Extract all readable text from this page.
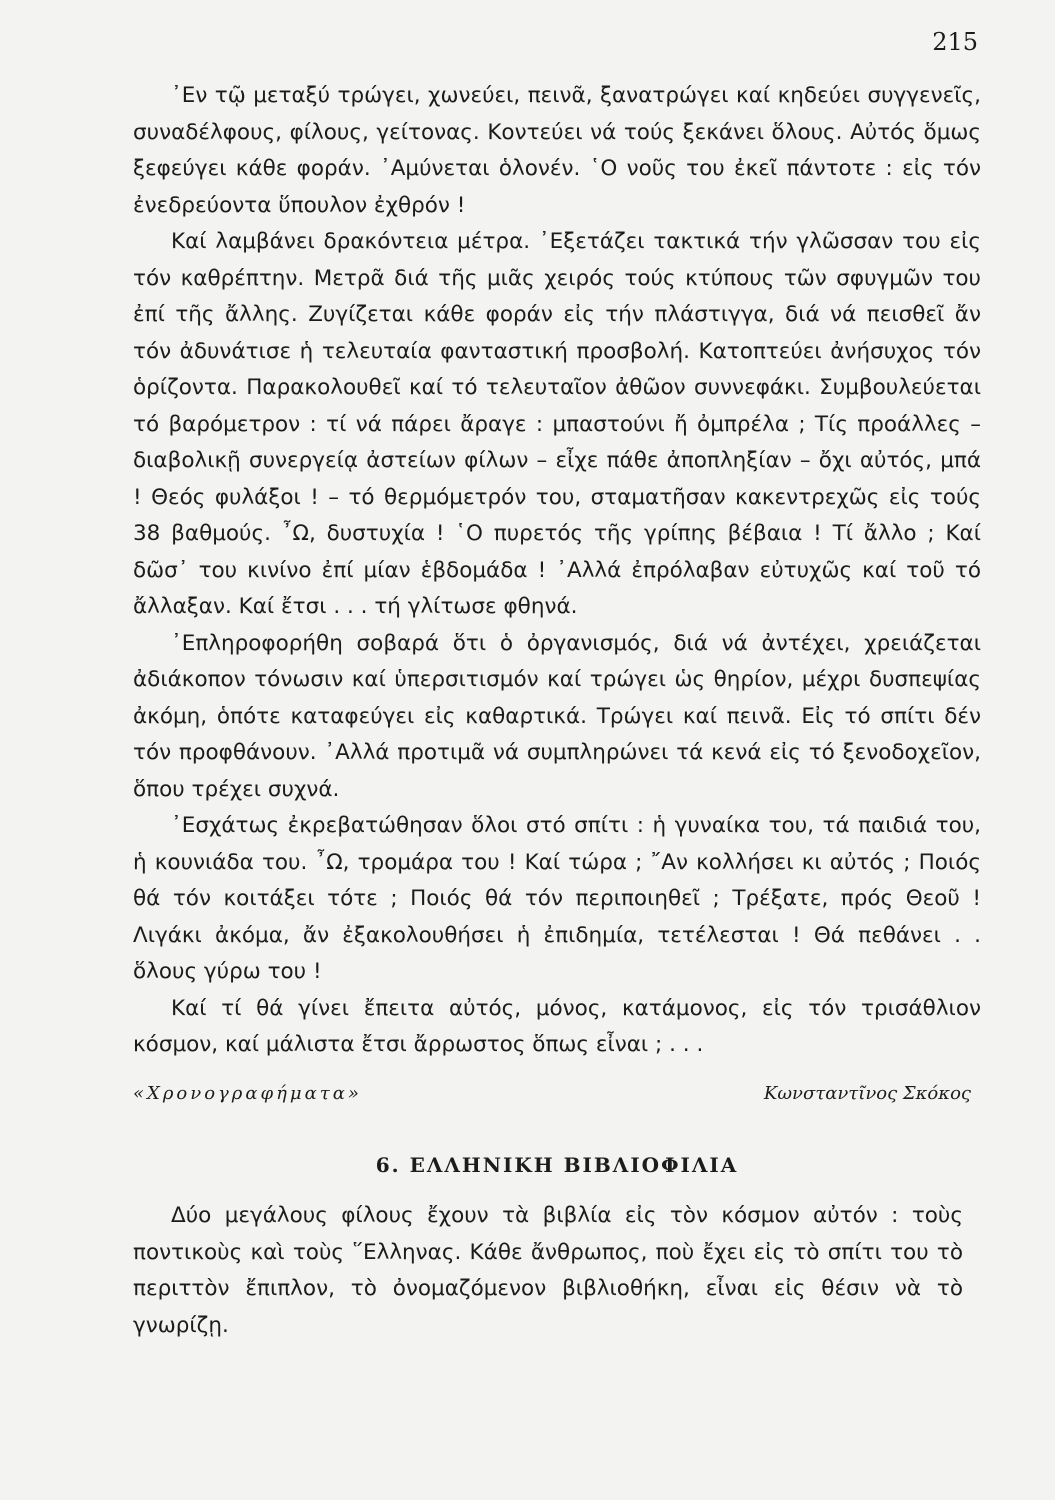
215

᾿Εν τῷ μεταξύ τρώγει, χωνεύει, πεινᾶ, ξανατρώγει καί κηδεύει συγγενεῖς, συναδέλφους, φίλους, γείτονας. Κοντεύει νά τούς ξεκάνει ὅλους. Αὐτός ὅμως ξεφεύγει κάθε φοράν. ᾿Αμύνεται ὁλονέν. ῾Ο νοῦς του ἐκεῖ πάντοτε : εἰς τόν ἐνεδρεύοντα ὕπουλον ἐχθρόν !

Καί λαμβάνει δρακόντεια μέτρα. ᾿Εξετάζει τακτικά τήν γλῶσσαν του εἰς τόν καθρέπτην. Μετρᾶ διά τῆς μιᾶς χειρός τούς κτύπους τῶν σφυγμῶν του ἐπί τῆς ἄλλης. Ζυγίζεται κάθε φοράν εἰς τήν πλάστιγγα, διά νά πεισθεῖ ἄν τόν ἀδυνάτισε ἡ τελευταία φανταστική προσβολή. Κατοπτεύει ἀνήσυχος τόν ὁρίζοντα. Παρακολουθεῖ καί τό τελευταῖον ἀθῶον συννεφάκι. Συμβουλεύεται τό βαρόμετρον : τί νά πάρει ἄραγε : μπαστούνι ἤ ὀμπρέλα ; Τίς προάλλες – διαβολικῇ συνεργείᾳ ἀστείων φίλων – εἶχε πάθε ἀποπληξίαν – ὄχι αὐτός, μπά ! Θεός φυλάξοι ! – τό θερμόμετρόν του, σταματῆσαν κακεντρεχῶς εἰς τούς 38 βαθμούς. ῏Ω, δυστυχία ! ῾Ο πυρετός τῆς γρίπης βέβαια ! Τί ἄλλο ; Καί δῶσ᾿ του κινίνο ἐπί μίαν ἑβδομάδα ! ᾿Αλλά ἐπρόλαβαν εὐτυχῶς καί τοῦ τό ἄλλαξαν. Καί ἔτσι . . . τή γλίτωσε φθηνά.

᾿Επληροφορήθη σοβαρά ὅτι ὁ ὀργανισμός, διά νά ἀντέχει, χρειάζεται ἀδιάκοπον τόνωσιν καί ὑπερσιτισμόν καί τρώγει ὡς θηρίον, μέχρι δυσπεψίας ἀκόμη, ὁπότε καταφεύγει εἰς καθαρτικά. Τρώγει καί πεινᾶ. Εἰς τό σπίτι δέν τόν προφθάνουν. ᾿Αλλά προτιμᾶ νά συμπληρώνει τά κενά εἰς τό ξενοδοχεῖον, ὅπου τρέχει συχνά.

᾿Εσχάτως ἐκρεβατώθησαν ὅλοι στό σπίτι : ἡ γυναίκα του, τά παιδιά του, ἡ κουνιάδα του. ῏Ω, τρομάρα του ! Καί τώρα ; ῎Αν κολλήσει κι αὐτός ; Ποιός θά τόν κοιτάξει τότε ; Ποιός θά τόν περιποιηθεῖ ; Τρέξατε, πρός Θεοῦ ! Λιγάκι ἀκόμα, ἄν ἐξακολουθήσει ἡ ἐπιδημία, τετέλεσται ! Θά πεθάνει . . ὅλους γύρω του !

Καί τί θά γίνει ἔπειτα αὐτός, μόνος, κατάμονος, εἰς τόν τρισάθλιον κόσμον, καί μάλιστα ἔτσι ἄρρωστος ὅπως εἶναι ; . . .

«Χρονογραφήματα»	Κωνσταντῖνος Σκόκος
6. ΕΛΛΗΝΙΚΗ ΒΙΒΛΙΟΦΙΛΙΑ

Δύο μεγάλους φίλους ἔχουν τὰ βιβλία εἰς τὸν κόσμον αὐτόν : τοὺς ποντικοὺς καὶ τοὺς ῞Ελληνας. Κάθε ἄνθρωπος, ποὺ ἔχει εἰς τὸ σπίτι του τὸ περιττὸν ἔπιπλον, τὸ ὀνομαζόμενον βιβλιοθήκη, εἶναι εἰς θέσιν νὰ τὸ γνωρίζῃ.
